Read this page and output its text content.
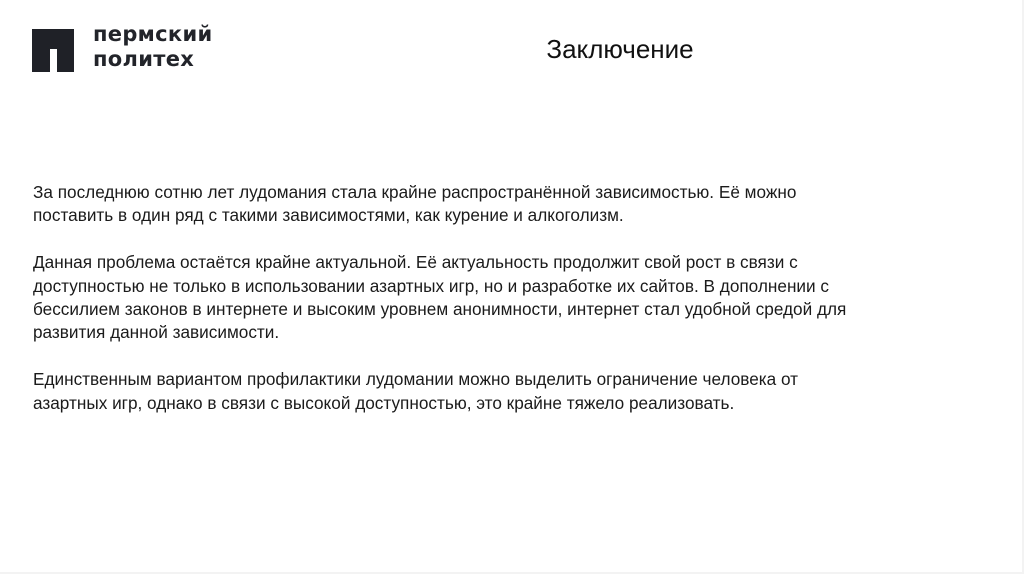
пермский
политех	Заключение

За последнюю сотню лет лудомания стала крайне распространённой зависимостью. Её можно
поставить в один ряд с такими зависимостями, как курение и алкоголизм.

Данная проблема остаётся крайне актуальной. Её актуальность продолжит свой рост в связи с
доступностью не только в использовании азартных игр, но и разработке их сайтов. В дополнении с
бессилием законов в интернете и высоким уровнем анонимности, интернет стал удобной средой для
развития данной зависимости.

Единственным вариантом профилактики лудомании можно выделить ограничение человека от
азартных игр, однако в связи с высокой доступностью, это крайне тяжело реализовать.
